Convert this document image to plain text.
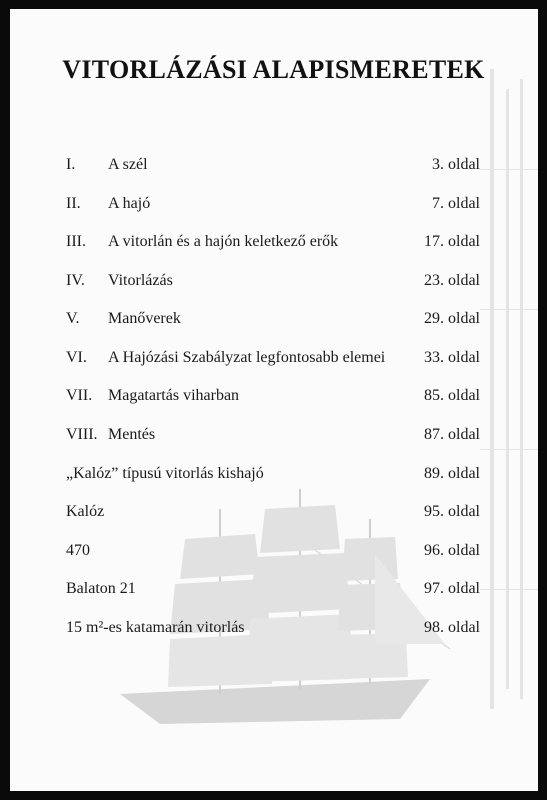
VITORLÁZÁSI ALAPISMERETEK
I. A szél	3. oldal
II. A hajó	7. oldal
III. A vitorlán és a hajón keletkező erők	17. oldal
IV. Vitorlázás	23. oldal
V. Manőverek	29. oldal
VI. A Hajózási Szabályzat legfontosabb elemei 33. oldal
VII. Magatartás viharban	85. oldal
VIII. Mentés	87. oldal
„Kalóz” típusú vitorlás kishajó	89. oldal
Kalóz	95. oldal
470	96. oldal
Balaton 21	97. oldal
15 m²-es katamarán vitorlás	98. oldal
